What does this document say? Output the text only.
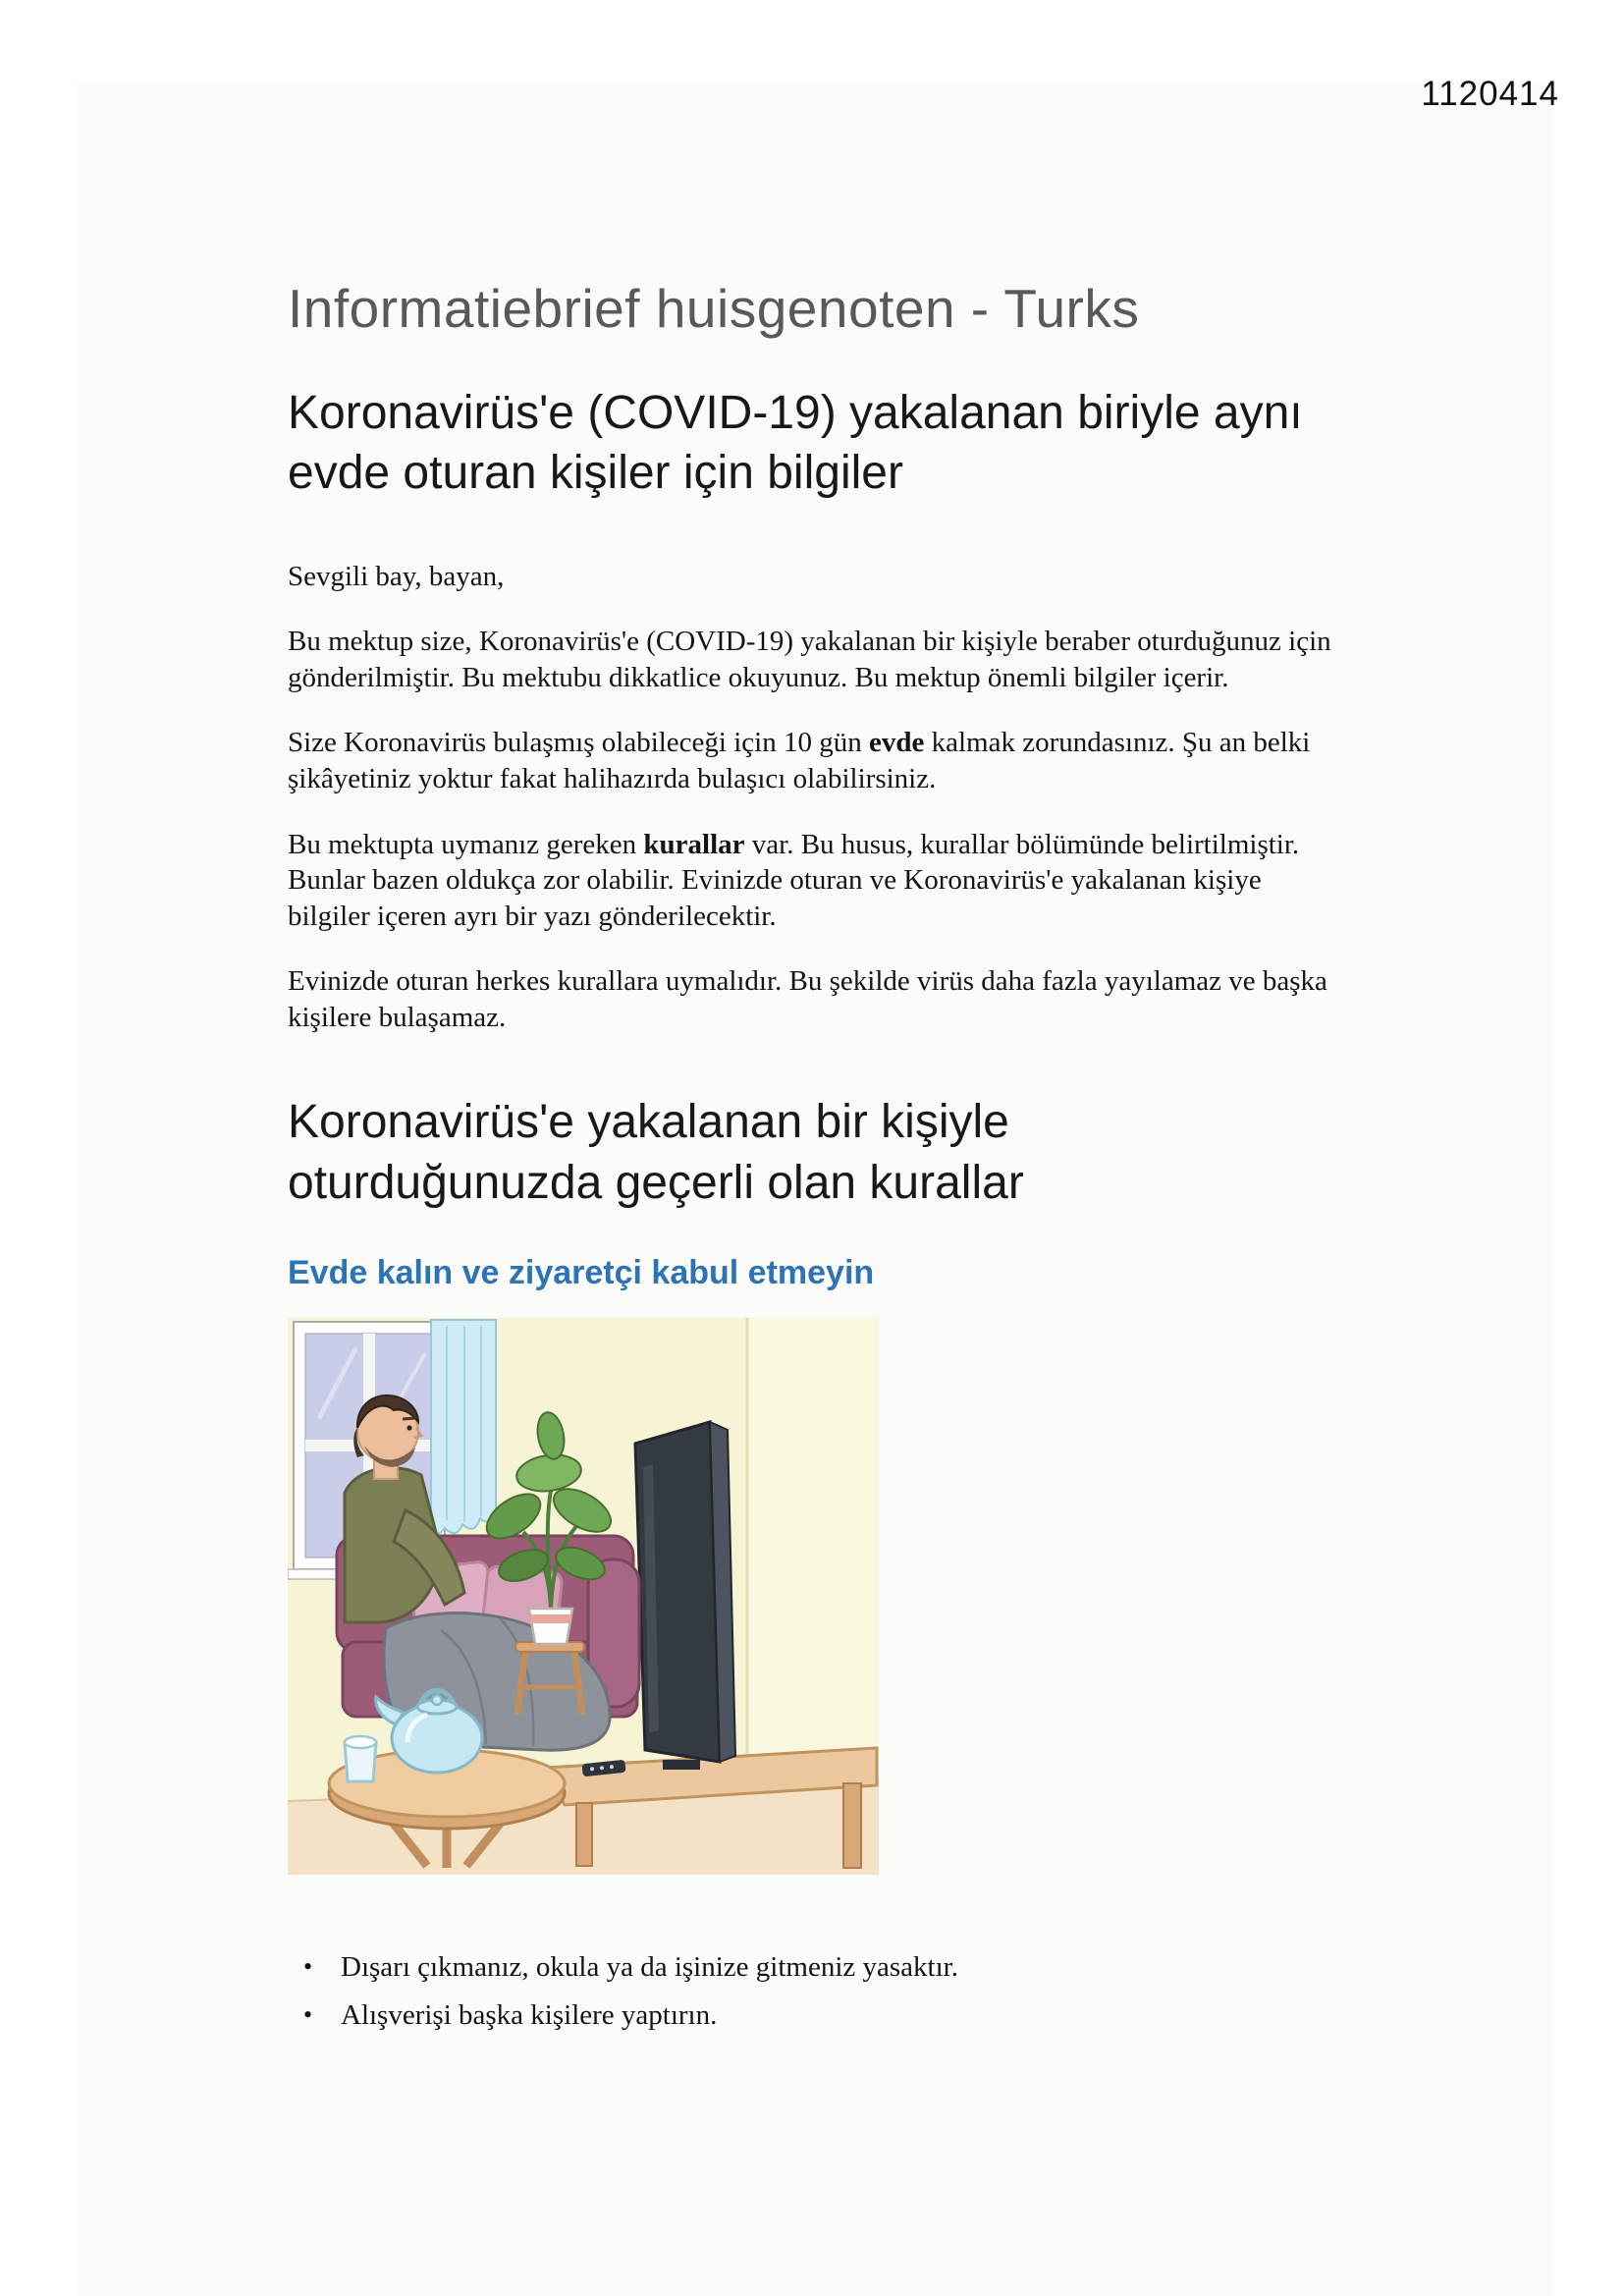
1120414
Informatiebrief huisgenoten - Turks
Koronavirüs'e (COVID-19) yakalanan biriyle aynı evde oturan kişiler için bilgiler

Sevgili bay, bayan,

Bu mektup size, Koronavirüs'e (COVID-19) yakalanan bir kişiyle beraber oturduğunuz için gönderilmiştir. Bu mektubu dikkatlice okuyunuz. Bu mektup önemli bilgiler içerir.

Size Koronavirüs bulaşmış olabileceği için 10 gün evde kalmak zorundasınız. Şu an belki şikâyetiniz yoktur fakat halihazırda bulaşıcı olabilirsiniz.

Bu mektupta uymanız gereken kurallar var. Bu husus, kurallar bölümünde belirtilmiştir. Bunlar bazen oldukça zor olabilir. Evinizde oturan ve Koronavirüs'e yakalanan kişiye bilgiler içeren ayrı bir yazı gönderilecektir.

Evinizde oturan herkes kurallara uymalıdır. Bu şekilde virüs daha fazla yayılamaz ve başka kişilere bulaşamaz.

Koronavirüs'e yakalanan bir kişiyle oturduğunuzda geçerli olan kurallar
Evde kalın ve ziyaretçi kabul etmeyin
• Dışarı çıkmanız, okula ya da işinize gitmeniz yasaktır.
• Alışverişi başka kişilere yaptırın.
